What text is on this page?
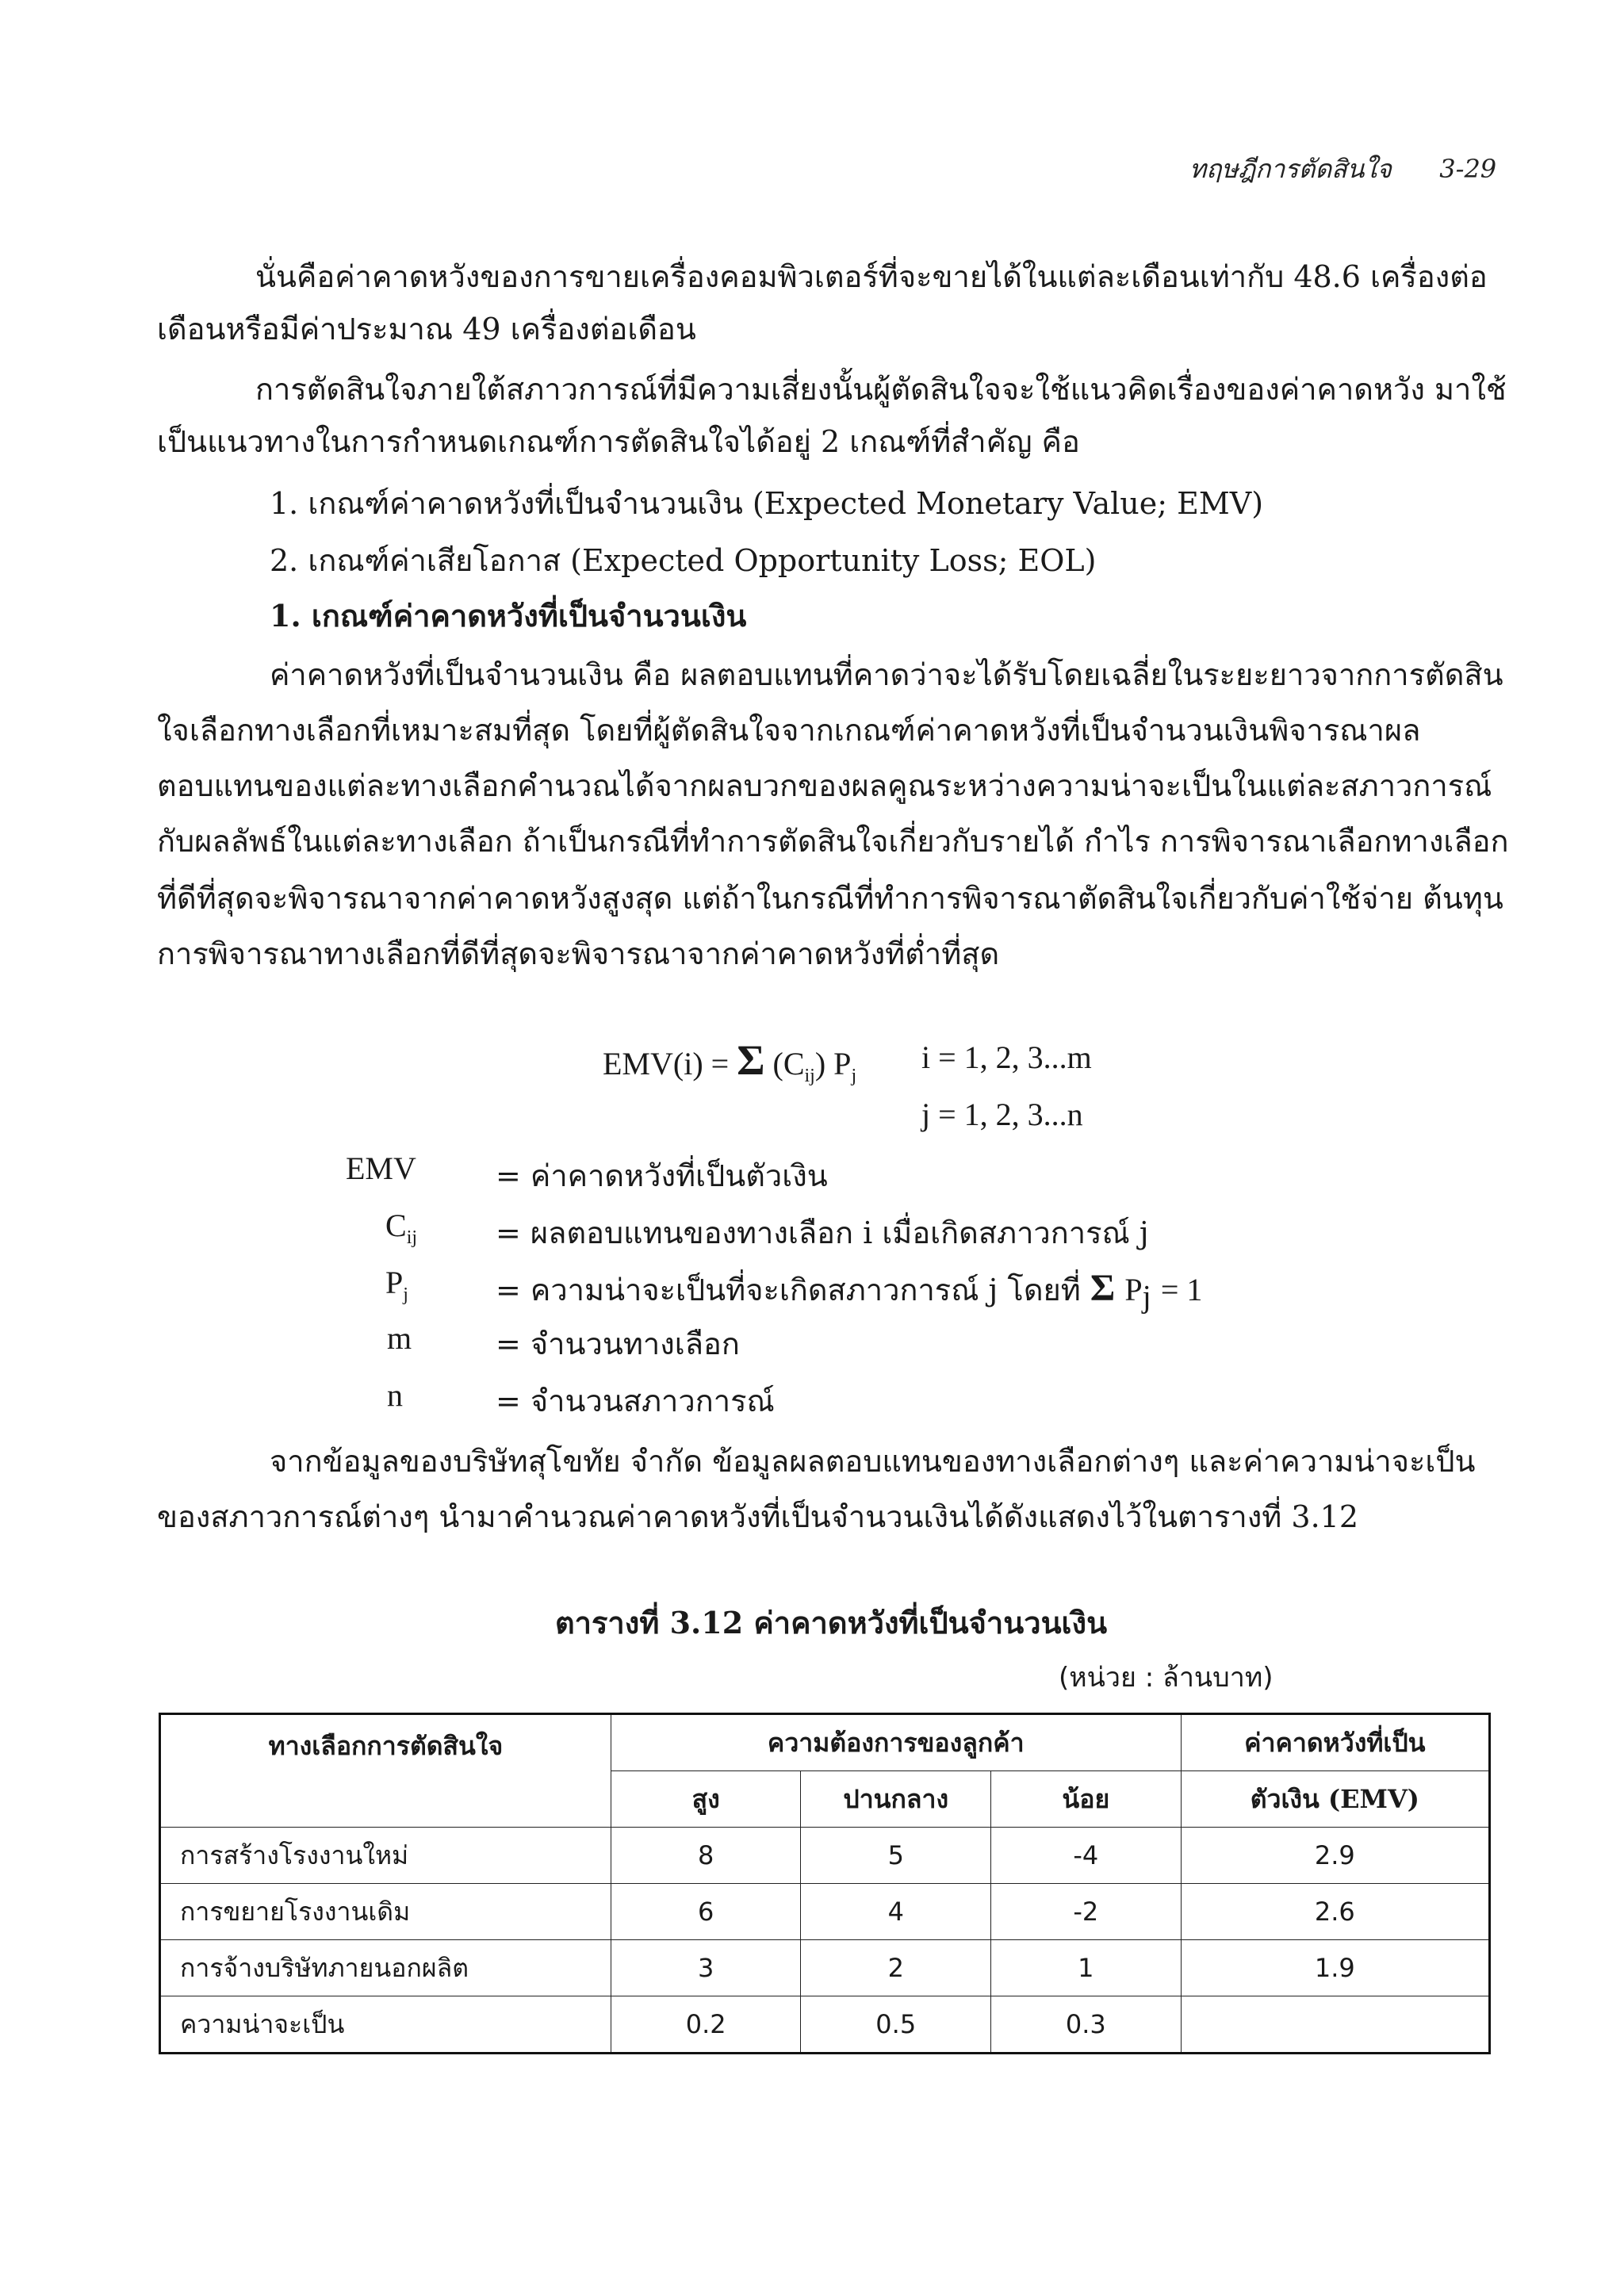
ทฤษฎีการตัดสินใจ 3-29
นั่นคือค่าคาดหวังของการขายเครื่องคอมพิวเตอร์ที่จะขายได้ในแต่ละเดือนเท่ากับ 48.6 เครื่องต่อ
เดือนหรือมีค่าประมาณ 49 เครื่องต่อเดือน
การตัดสินใจภายใต้สภาวการณ์ที่มีความเสี่ยงนั้นผู้ตัดสินใจจะใช้แนวคิดเรื่องของค่าคาดหวัง มาใช้
เป็นแนวทางในการกำหนดเกณฑ์การตัดสินใจได้อยู่ 2 เกณฑ์ที่สำคัญ คือ
1. เกณฑ์ค่าคาดหวังที่เป็นจำนวนเงิน (Expected Monetary Value; EMV)
2. เกณฑ์ค่าเสียโอกาส (Expected Opportunity Loss; EOL)
1. เกณฑ์ค่าคาดหวังที่เป็นจำนวนเงิน
ค่าคาดหวังที่เป็นจำนวนเงิน คือ ผลตอบแทนที่คาดว่าจะได้รับโดยเฉลี่ยในระยะยาวจากการตัดสิน
ใจเลือกทางเลือกที่เหมาะสมที่สุด โดยที่ผู้ตัดสินใจจากเกณฑ์ค่าคาดหวังที่เป็นจำนวนเงินพิจารณาผล
ตอบแทนของแต่ละทางเลือกคำนวณได้จากผลบวกของผลคูณระหว่างความน่าจะเป็นในแต่ละสภาวการณ์
กับผลลัพธ์ในแต่ละทางเลือก ถ้าเป็นกรณีที่ทำการตัดสินใจเกี่ยวกับรายได้ กำไร การพิจารณาเลือกทางเลือก
ที่ดีที่สุดจะพิจารณาจากค่าคาดหวังสูงสุด แต่ถ้าในกรณีที่ทำการพิจารณาตัดสินใจเกี่ยวกับค่าใช้จ่าย ต้นทุน
การพิจารณาทางเลือกที่ดีที่สุดจะพิจารณาจากค่าคาดหวังที่ต่ำที่สุด
EMV(i) = Σ $(C_{ij})$ $P_j$
i = 1, 2, 3...m
j = 1, 2, 3...n
EMV	= ค่าคาดหวังที่เป็นตัวเงิน
$C_{ij}$	= ผลตอบแทนของทางเลือก i เมื่อเกิดสภาวการณ์ j
$P_j$	= ความน่าจะเป็นที่จะเกิดสภาวการณ์ j โดยที่ Σ $P_j = 1$
m	= จำนวนทางเลือก
n	= จำนวนสภาวการณ์
จากข้อมูลของบริษัทสุโขทัย จำกัด ข้อมูลผลตอบแทนของทางเลือกต่างๆ และค่าความน่าจะเป็น
ของสภาวการณ์ต่างๆ นำมาคำนวณค่าคาดหวังที่เป็นจำนวนเงินได้ดังแสดงไว้ในตารางที่ 3.12
ตารางที่ 3.12 ค่าคาดหวังที่เป็นจำนวนเงิน
(หน่วย : ล้านบาท)
ทางเลือกการตัดสินใจ	ความต้องการของลูกค้า			ค่าคาดหวังที่เป็น
	สูง	ปานกลาง	น้อย	ตัวเงิน (EMV)
การสร้างโรงงานใหม่	8	5	-4	2.9
การขยายโรงงานเดิม	6	4	-2	2.6
การจ้างบริษัทภายนอกผลิต	3	2	1	1.9
ความน่าจะเป็น	0.2	0.5	0.3	
